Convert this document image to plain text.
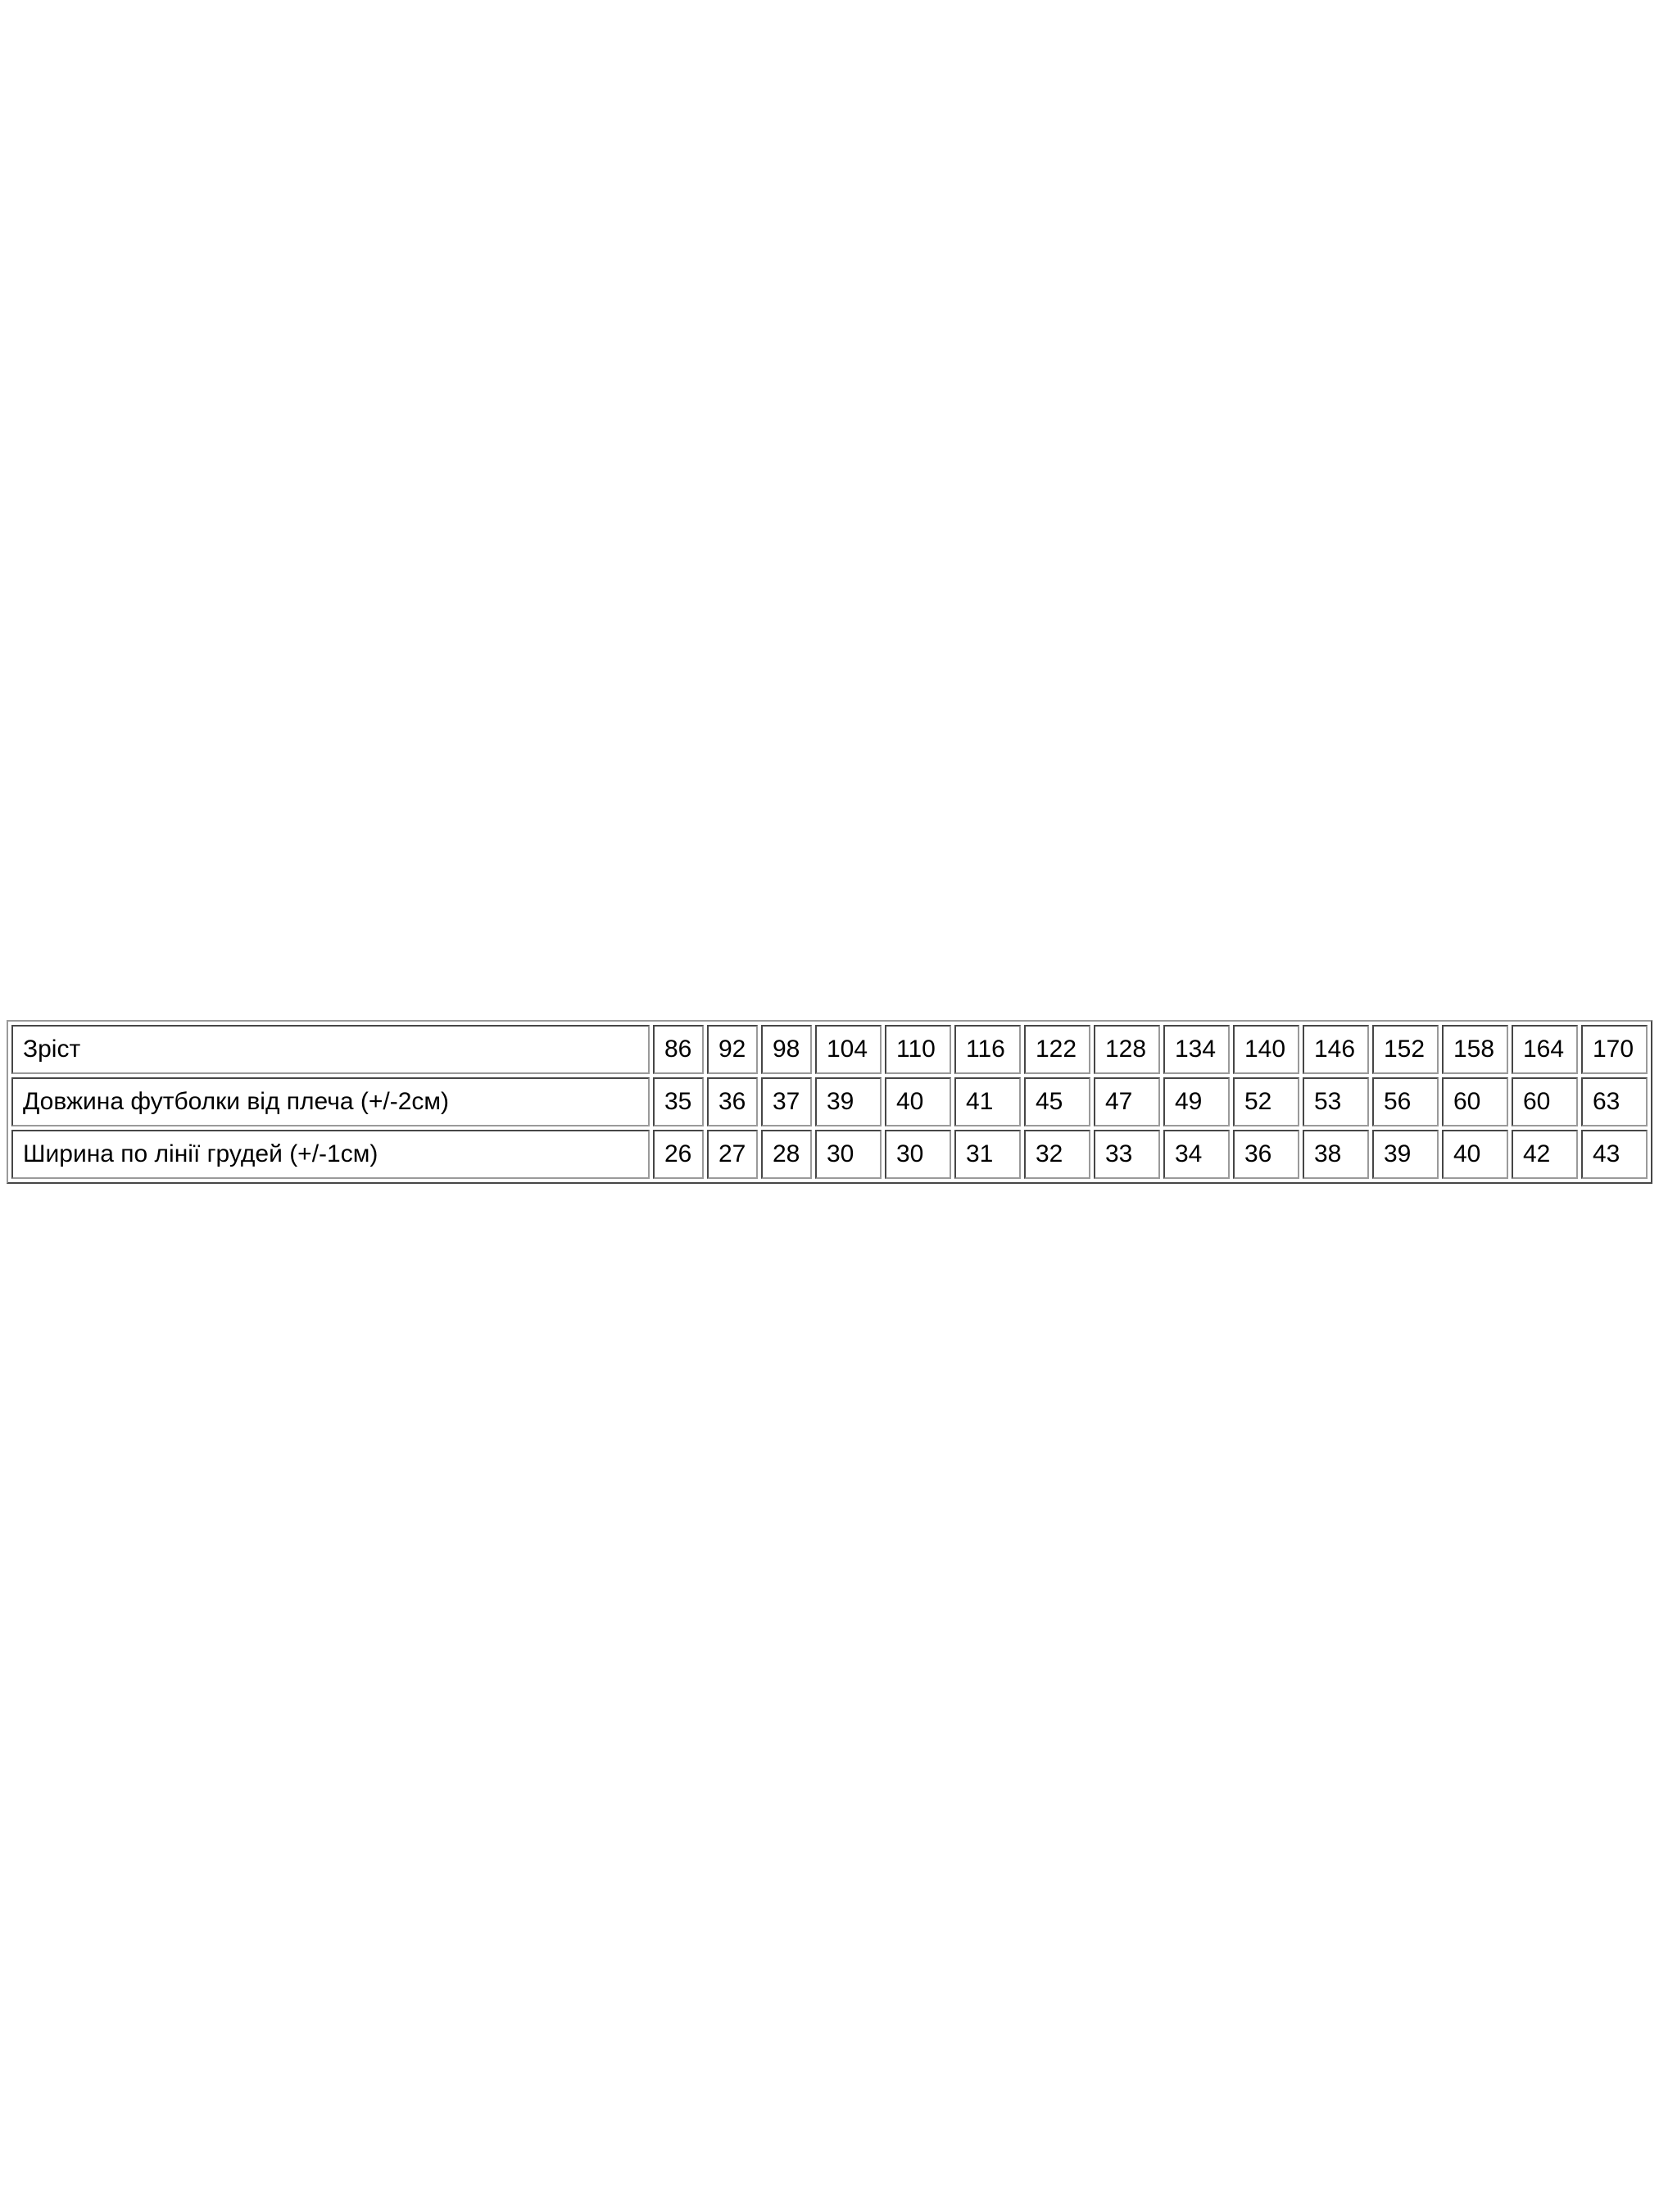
Зріст	86	92	98	104	110	116	122	128	134	140	146	152	158	164	170
Довжина футболки від плеча (+/-2см)	35	36	37	39	40	41	45	47	49	52	53	56	60	60	63
Ширина по лінії грудей (+/-1см)	26	27	28	30	30	31	32	33	34	36	38	39	40	42	43
